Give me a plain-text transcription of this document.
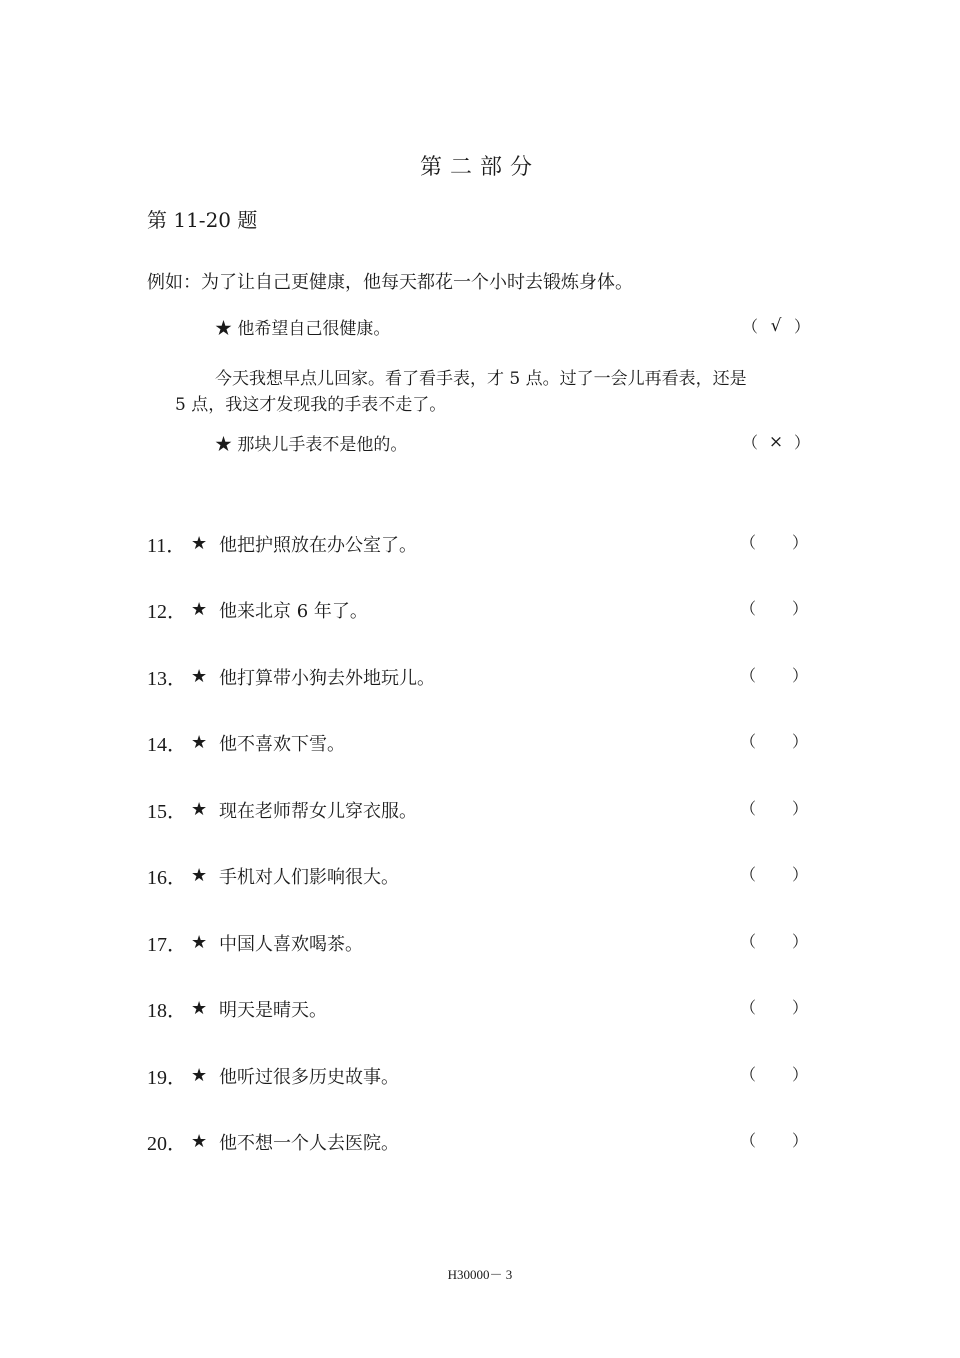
第二部分
第 11-20 题
例如：为了让自己更健康，他每天都花一个小时去锻炼身体。
★ 他希望自己很健康。	（ √ ）
今天我想早点儿回家。看了看手表，才 5 点。过了一会儿再看表，还是
5 点，我这才发现我的手表不走了。
★ 那块儿手表不是他的。	（ × ）
11． ★ 他把护照放在办公室了。	（ ）
12． ★ 他来北京 6 年了。	（ ）
13． ★ 他打算带小狗去外地玩儿。	（ ）
14． ★ 他不喜欢下雪。	（ ）
15． ★ 现在老师帮女儿穿衣服。	（ ）
16． ★ 手机对人们影响很大。	（ ）
17． ★ 中国人喜欢喝茶。	（ ）
18． ★ 明天是晴天。	（ ）
19． ★ 他听过很多历史故事。	（ ）
20． ★ 他不想一个人去医院。	（ ）
H30000－ 3
